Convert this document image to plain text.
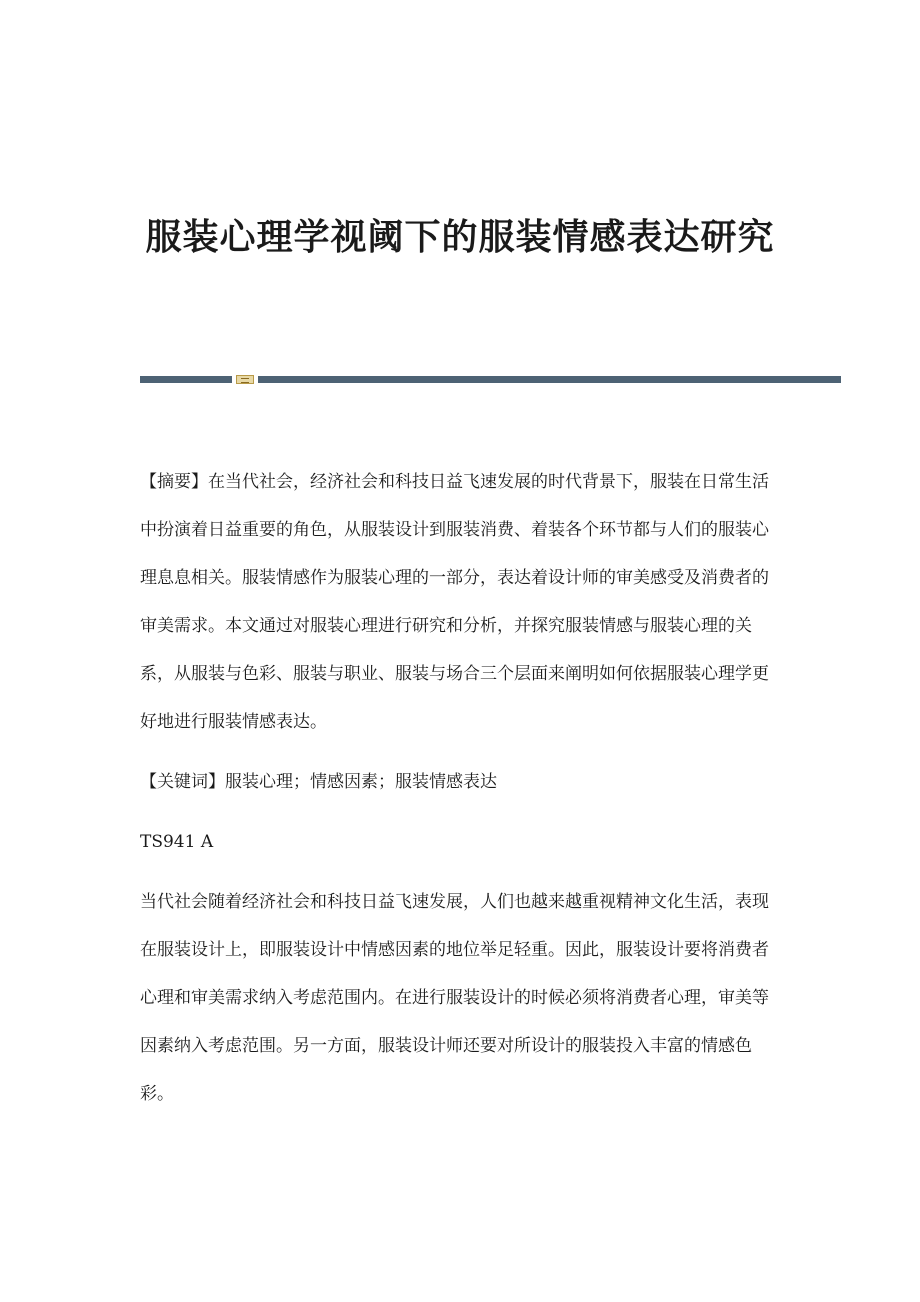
服装心理学视阈下的服装情感表达研究

【摘要】在当代社会，经济社会和科技日益飞速发展的时代背景下，服装在日常生活中扮演着日益重要的角色，从服装设计到服装消费、着装各个环节都与人们的服装心理息息相关。服装情感作为服装心理的一部分，表达着设计师的审美感受及消费者的审美需求。本文通过对服装心理进行研究和分析，并探究服装情感与服装心理的关系，从服装与色彩、服装与职业、服装与场合三个层面来阐明如何依据服装心理学更好地进行服装情感表达。

【关键词】服装心理；情感因素；服装情感表达

TS941 A

当代社会随着经济社会和科技日益飞速发展，人们也越来越重视精神文化生活，表现在服装设计上，即服装设计中情感因素的地位举足轻重。因此，服装设计要将消费者心理和审美需求纳入考虑范围内。在进行服装设计的时候必须将消费者心理，审美等因素纳入考虑范围。另一方面，服装设计师还要对所设计的服装投入丰富的情感色彩。
